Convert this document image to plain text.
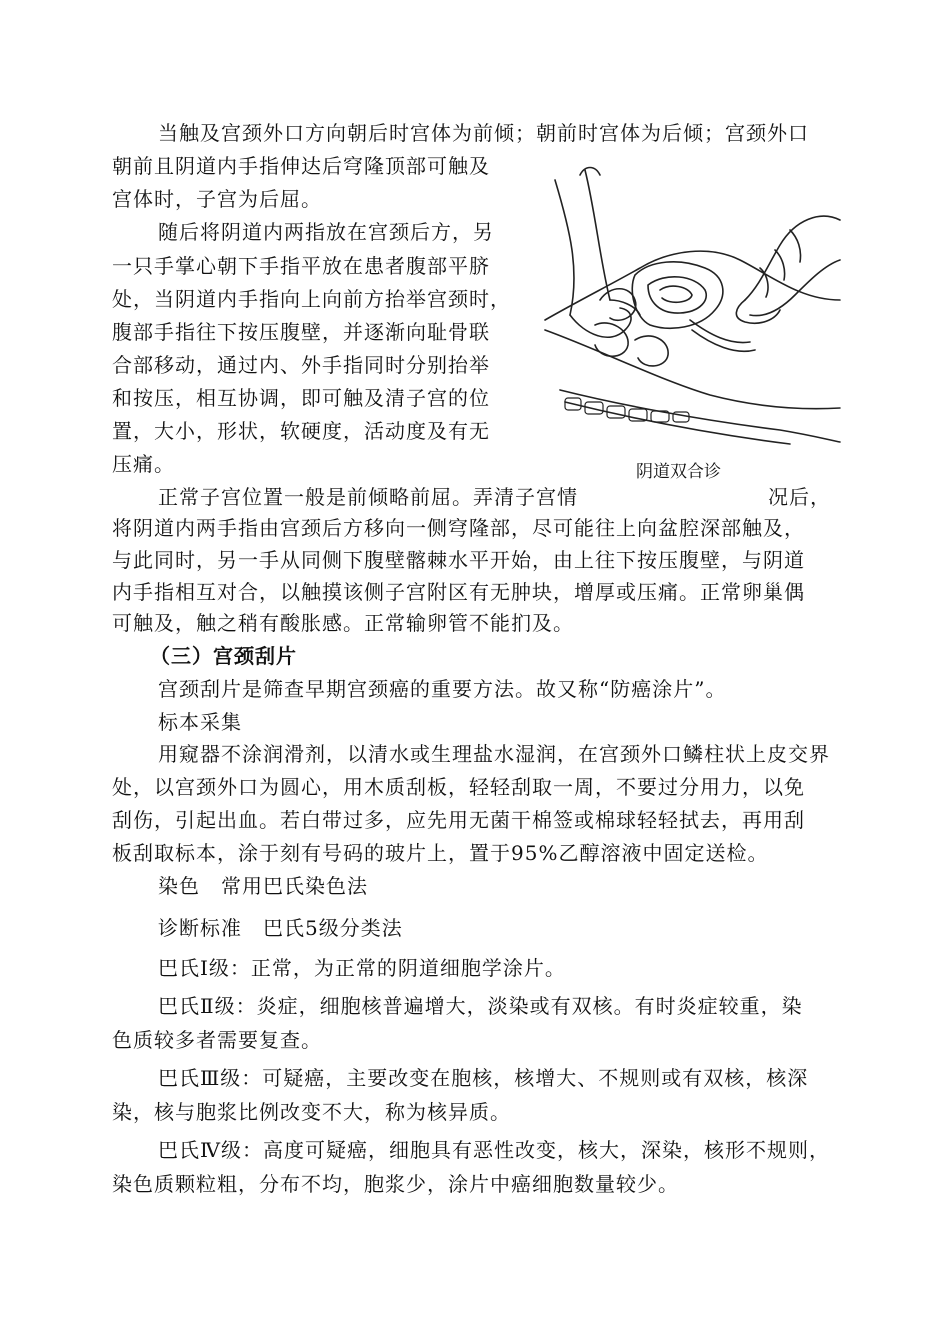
当触及宫颈外口方向朝后时宫体为前倾；朝前时宫体为后倾；宫颈外口
朝前且阴道内手指伸达后穹隆顶部可触及
宫体时，子宫为后屈。
随后将阴道内两指放在宫颈后方，另
一只手掌心朝下手指平放在患者腹部平脐
处，当阴道内手指向上向前方抬举宫颈时，
腹部手指往下按压腹壁，并逐渐向耻骨联
合部移动，通过内、外手指同时分别抬举
和按压，相互协调，即可触及清子宫的位
置，大小，形状，软硬度，活动度及有无
压痛。	阴道双合诊
正常子宫位置一般是前倾略前屈。弄清子宫情	况后，
将阴道内两手指由宫颈后方移向一侧穹隆部，尽可能往上向盆腔深部触及，
与此同时，另一手从同侧下腹壁髂棘水平开始，由上往下按压腹壁，与阴道
内手指相互对合，以触摸该侧子宫附区有无肿块，增厚或压痛。正常卵巢偶
可触及，触之稍有酸胀感。正常输卵管不能扪及。
（三）宫颈刮片
宫颈刮片是筛查早期宫颈癌的重要方法。故又称“防癌涂片”。
标本采集
用窥器不涂润滑剂，以清水或生理盐水湿润，在宫颈外口鳞柱状上皮交界
处，以宫颈外口为圆心，用木质刮板，轻轻刮取一周，不要过分用力，以免
刮伤，引起出血。若白带过多，应先用无菌干棉签或棉球轻轻拭去，再用刮
板刮取标本，涂于刻有号码的玻片上，置于95%乙醇溶液中固定送检。
染色　常用巴氏染色法
诊断标准　巴氏5级分类法
巴氏Ⅰ级：正常，为正常的阴道细胞学涂片。
巴氏Ⅱ级：炎症，细胞核普遍增大，淡染或有双核。有时炎症较重，染
色质较多者需要复查。
巴氏Ⅲ级：可疑癌，主要改变在胞核，核增大、不规则或有双核，核深
染，核与胞浆比例改变不大，称为核异质。
巴氏Ⅳ级：高度可疑癌，细胞具有恶性改变，核大，深染，核形不规则，
染色质颗粒粗，分布不均，胞浆少，涂片中癌细胞数量较少。
